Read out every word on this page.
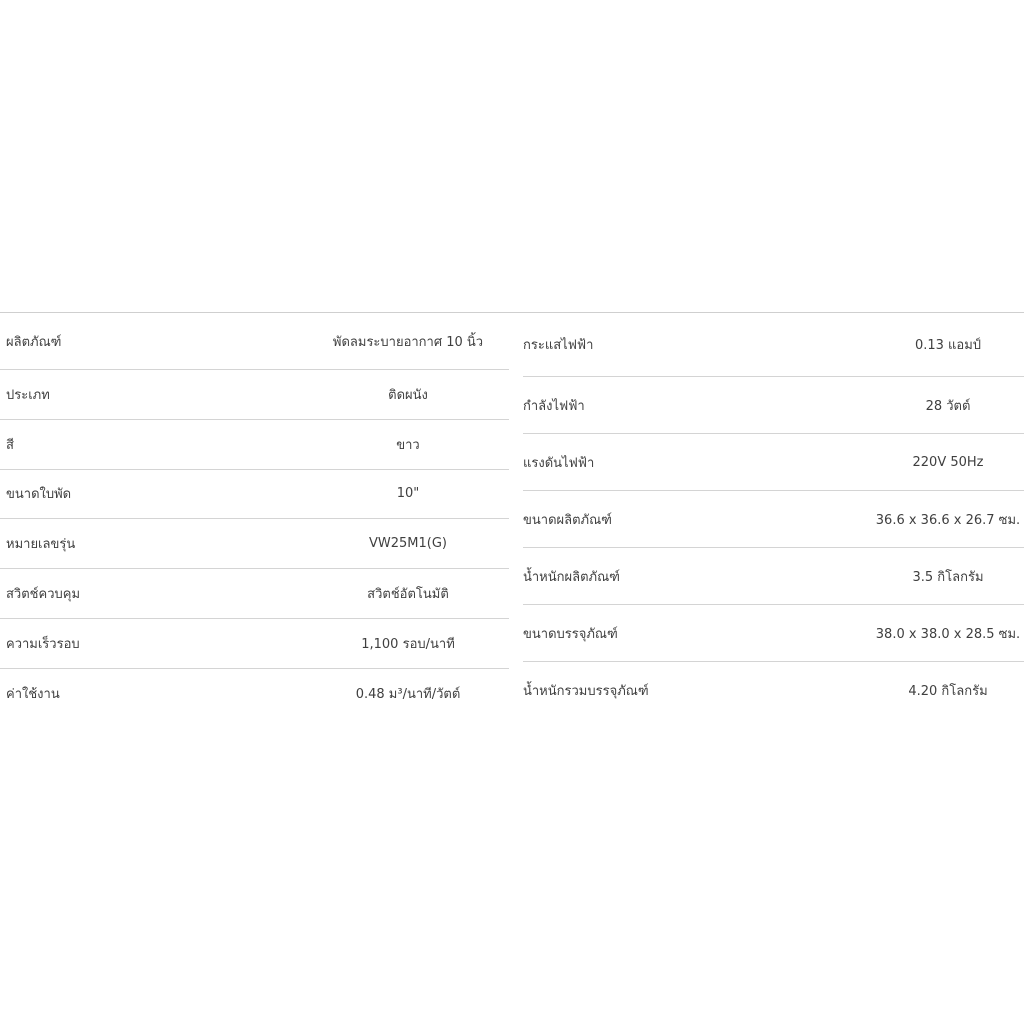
ผลิตภัณฑ์	พัดลมระบายอากาศ 10 นิ้ว
ประเภท	ติดผนัง
สี	ขาว
ขนาดใบพัด	10"
หมายเลขรุ่น	VW25M1(G)
สวิตช์ควบคุม	สวิตช์อัตโนมัติ
ความเร็วรอบ	1,100 รอบ/นาที
ค่าใช้งาน	0.48 ม³/นาที/วัตต์
กระแสไฟฟ้า	0.13 แอมป์
กำลังไฟฟ้า	28 วัตต์
แรงดันไฟฟ้า	220V 50Hz
ขนาดผลิตภัณฑ์	36.6 x 36.6 x 26.7 ซม.
น้ำหนักผลิตภัณฑ์	3.5 กิโลกรัม
ขนาดบรรจุภัณฑ์	38.0 x 38.0 x 28.5 ซม.
น้ำหนักรวมบรรจุภัณฑ์	4.20 กิโลกรัม
